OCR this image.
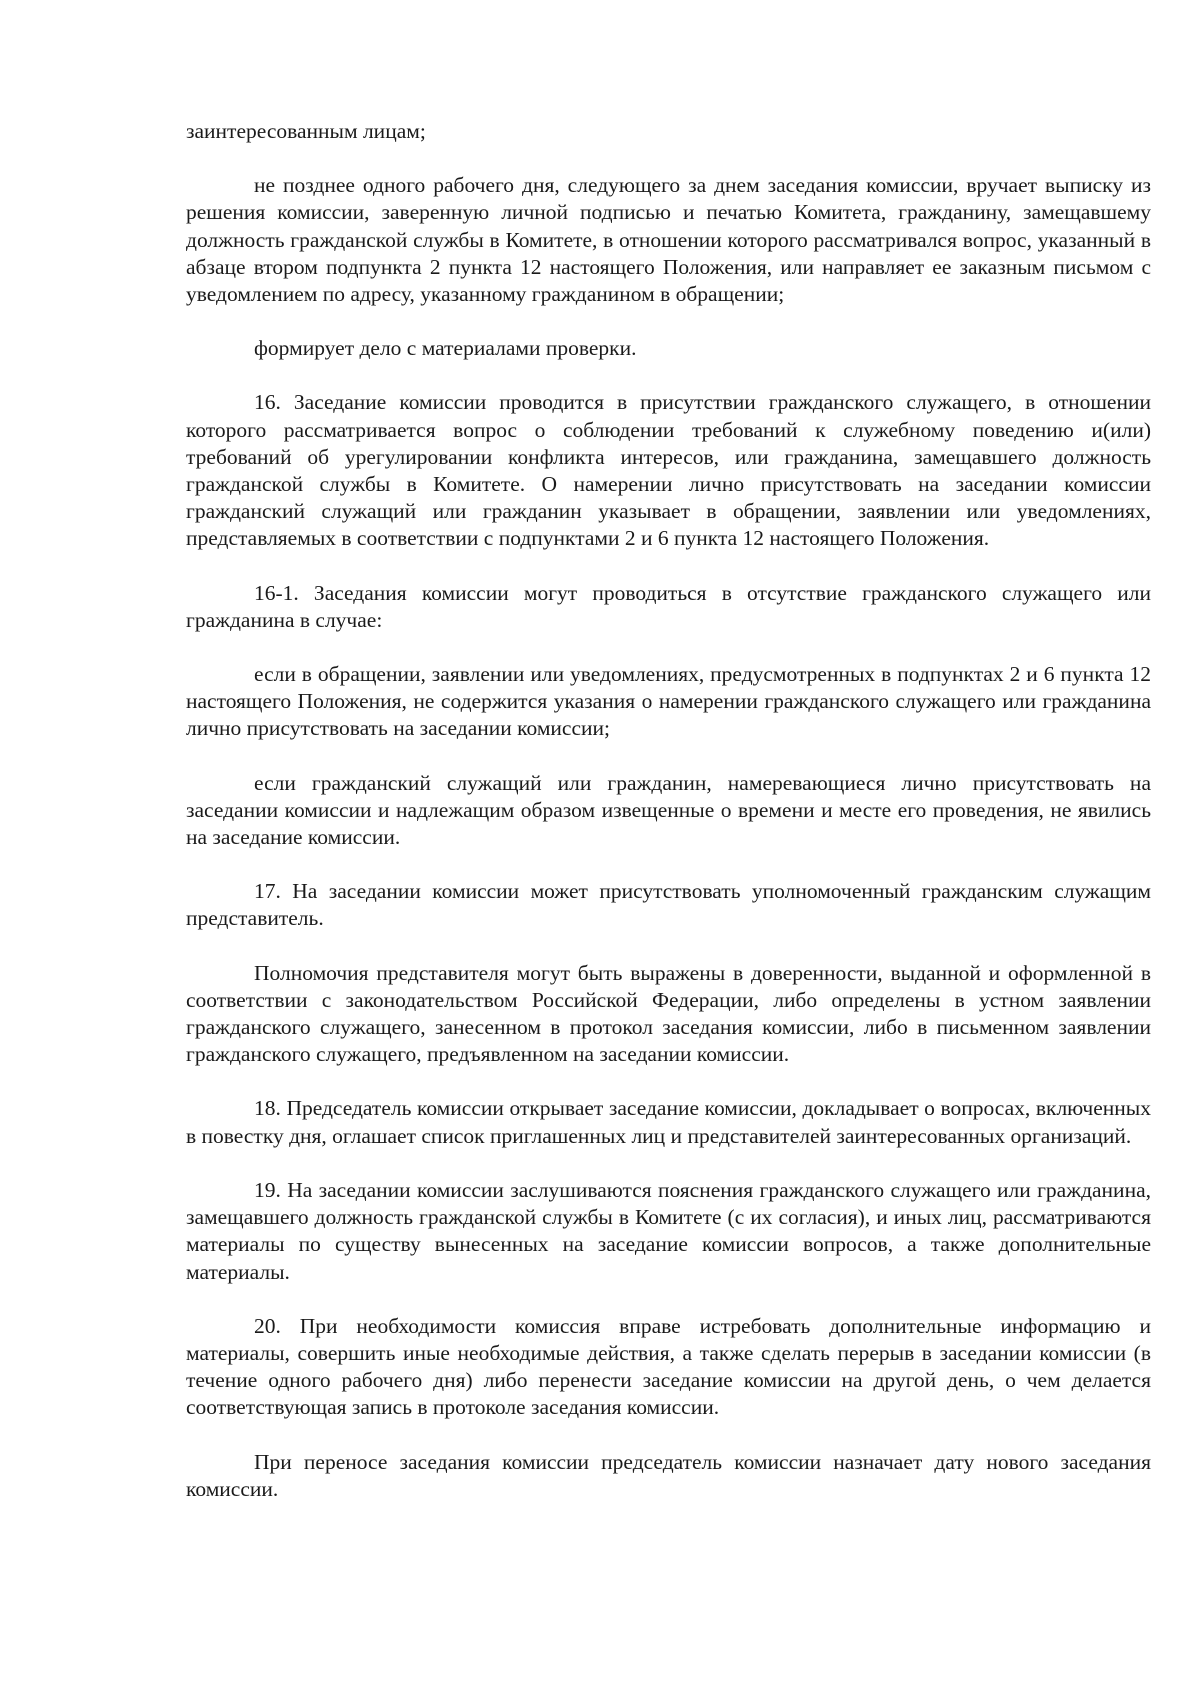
заинтересованным лицам;

не позднее одного рабочего дня, следующего за днем заседания комиссии, вручает выписку из решения комиссии, заверенную личной подписью и печатью Комитета, гражданину, замещавшему должность гражданской службы в Комитете, в отношении которого рассматривался вопрос, указанный в абзаце втором подпункта 2 пункта 12 настоящего Положения, или направляет ее заказным письмом с уведомлением по адресу, указанному гражданином в обращении;

формирует дело с материалами проверки.

16. Заседание комиссии проводится в присутствии гражданского служащего, в отношении которого рассматривается вопрос о соблюдении требований к служебному поведению и(или) требований об урегулировании конфликта интересов, или гражданина, замещавшего должность гражданской службы в Комитете. О намерении лично присутствовать на заседании комиссии гражданский служащий или гражданин указывает в обращении, заявлении или уведомлениях, представляемых в соответствии с подпунктами 2 и 6 пункта 12 настоящего Положения.

16-1. Заседания комиссии могут проводиться в отсутствие гражданского служащего или гражданина в случае:

если в обращении, заявлении или уведомлениях, предусмотренных в подпунктах 2 и 6 пункта 12 настоящего Положения, не содержится указания о намерении гражданского служащего или гражданина лично присутствовать на заседании комиссии;

если гражданский служащий или гражданин, намеревающиеся лично присутствовать на заседании комиссии и надлежащим образом извещенные о времени и месте его проведения, не явились на заседание комиссии.

17. На заседании комиссии может присутствовать уполномоченный гражданским служащим представитель.

Полномочия представителя могут быть выражены в доверенности, выданной и оформленной в соответствии с законодательством Российской Федерации, либо определены в устном заявлении гражданского служащего, занесенном в протокол заседания комиссии, либо в письменном заявлении гражданского служащего, предъявленном на заседании комиссии.

18. Председатель комиссии открывает заседание комиссии, докладывает о вопросах, включенных в повестку дня, оглашает список приглашенных лиц и представителей заинтересованных организаций.

19. На заседании комиссии заслушиваются пояснения гражданского служащего или гражданина, замещавшего должность гражданской службы в Комитете (с их согласия), и иных лиц, рассматриваются материалы по существу вынесенных на заседание комиссии вопросов, а также дополнительные материалы.

20. При необходимости комиссия вправе истребовать дополнительные информацию и материалы, совершить иные необходимые действия, а также сделать перерыв в заседании комиссии (в течение одного рабочего дня) либо перенести заседание комиссии на другой день, о чем делается соответствующая запись в протоколе заседания комиссии.

При переносе заседания комиссии председатель комиссии назначает дату нового заседания комиссии.
